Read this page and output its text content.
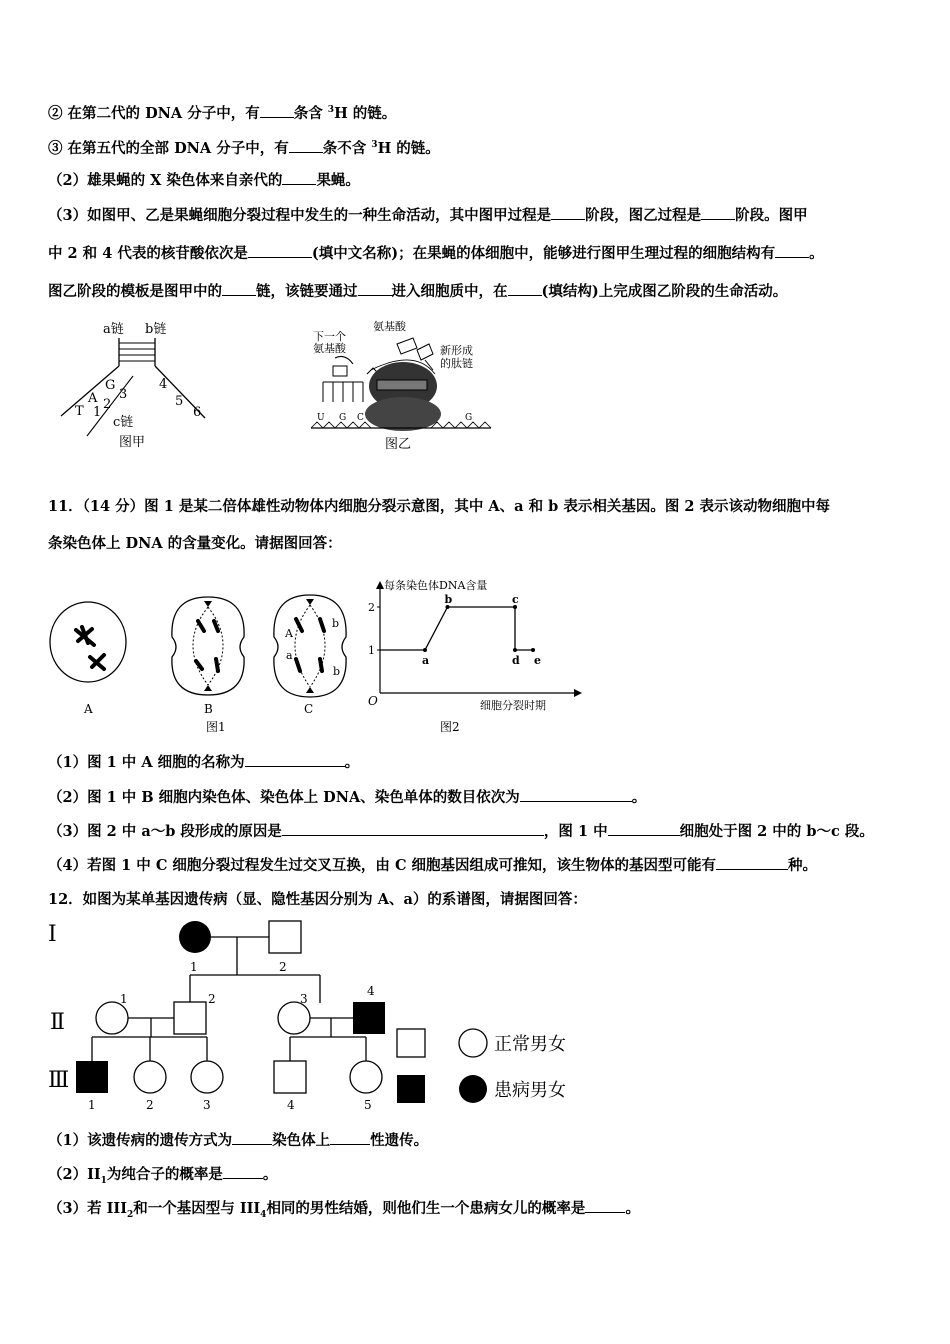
② 在第二代的 DNA 分子中，有 条含 $^3$H 的链。
③ 在第五代的全部 DNA 分子中，有 条不含 $^3$H 的链。
（2）雄果蝇的 X 染色体来自亲代的 果蝇。
（3）如图甲、乙是果蝇细胞分裂过程中发生的一种生命活动，其中图甲过程是 阶段，图乙过程是 阶段。图甲
中 2 和 4 代表的核苷酸依次是	(填中文名称)；在果蝇的体细胞中，能够进行图甲生理过程的细胞结构有 。
图乙阶段的模板是图甲中的 链，该链要通过 进入细胞质中，在 (填结构)上完成图乙阶段的生命活动。
a链 b链
G
A 3
T 1
2
4
5
6
c链
图甲
下一个
氨基酸
氨基酸
新形成
的肽链
U G C	G
图乙
11．（14 分）图 1 是某二倍体雄性动物体内细胞分裂示意图，其中 A、a 和 b 表示相关基因。图 2 表示该动物细胞中每
条染色体上 DNA 的含量变化。请据图回答：
A	B
A
b
a
b
C
图1
每条染色体DNA含量
O	细胞分裂时期
1
2
a
b	c
d e
图2
（1）图 1 中 A 细胞的名称为	。
（2）图 1 中 B 细胞内染色体、染色体上 DNA、染色单体的数目依次为	。
（3）图 2 中 a～b 段形成的原因是	，图 1 中	细胞处于图 2 中的 b～c 段。
（4）若图 1 中 C 细胞分裂过程发生过交叉互换，由 C 细胞基因组成可推知，该生物体的基因型可能有	种。
12．如图为某单基因遗传病（显、隐性基因分别为 A、a）的系谱图，请据图回答：
Ⅰ
Ⅱ
Ⅲ
1	2
1	2	3
4
1	2	3	4	5
正常男女
患病男女
（1）该遗传病的遗传方式为	染色体上	性遗传。
$(2)II_1$为纯合子的概率是	。
（3）若 $III_2$和一个基因型与 $III_4$相同的男性结婚，则他们生一个患病女儿的概率是	。
